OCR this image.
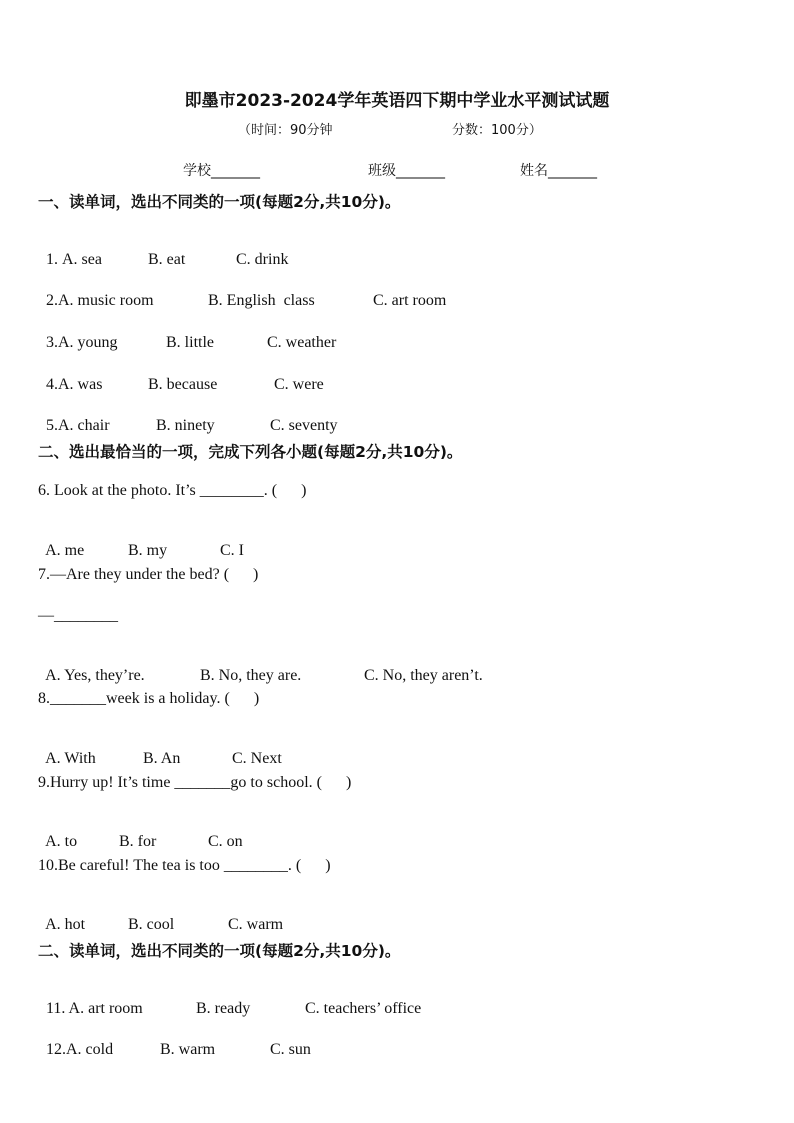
即墨市2023-2024学年英语四下期中学业水平测试试题
（时间：90分钟	分数：100分）
学校_______	班级_______	姓名_______
一、读单词，选出不同类的一项(每题2分,共10分)。

1. A. sea	B. eat	C. drink

2.A. music room	B. English  class	C. art room

3.A. young	B. little	C. weather

4.A. was	B. because	C. were

5.A. chair	B. ninety	C. seventy

二、选出最恰当的一项，完成下列各小题(每题2分,共10分)。
6. Look at the photo. It’s ________. (      )

A. me	B. my	C. I

7.—Are they under the bed? (      )
—________

A. Yes, they’re.	B. No, they are.	C. No, they aren’t.

8._______week is a holiday. (      )

A. With	B. An	C. Next

9.Hurry up! It’s time _______go to school. (      )

A. to	B. for	C. on

10.Be careful! The tea is too ________. (      )

A. hot	B. cool	C. warm

二、读单词，选出不同类的一项(每题2分,共10分)。

11. A. art room	B. ready	C. teachers’ office

12.A. cold	B. warm	C. sun
